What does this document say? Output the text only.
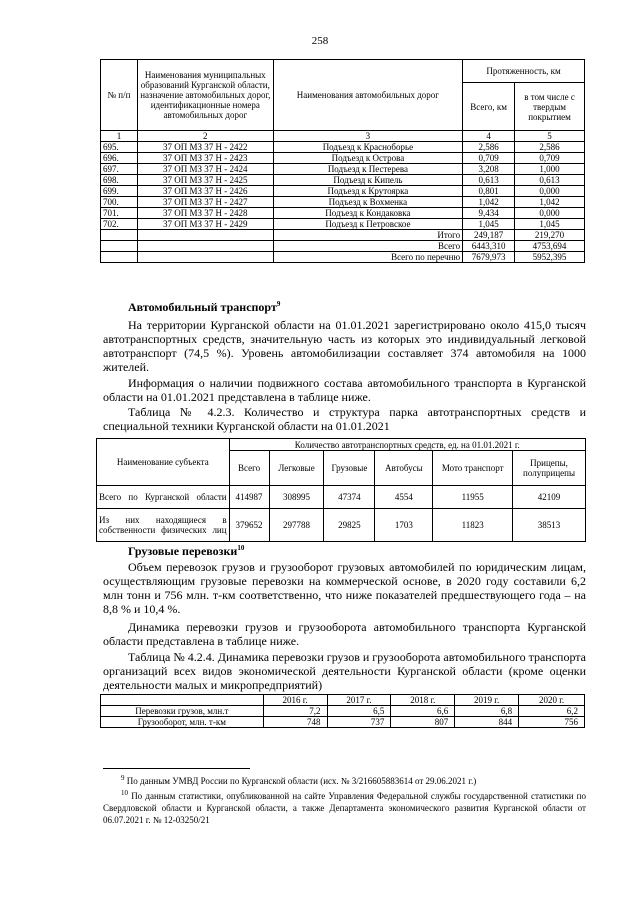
258
№ п/п	Наименования муниципальных образований Курганской области, назначение автомобильных дорог, идентификационные номера автомобильных дорог	Наименования автомобильных дорог	Протяженность, км	
			Всего, км	в том числе с твердым покрытием
1	2	3	4	5
695.	37 ОП МЗ 37 Н - 2422	Подъезд к Красноборье	2,586	2,586
696.	37 ОП МЗ 37 Н - 2423	Подъезд к Острова	0,709	0,709
697.	37 ОП МЗ 37 Н - 2424	Подъезд к Пестерева	3,208	1,000
698.	37 ОП МЗ 37 Н - 2425	Подъезд к Кипель	0,613	0,613
699.	37 ОП МЗ 37 Н - 2426	Подъезд к Крутоярка	0,801	0,000
700.	37 ОП МЗ 37 Н - 2427	Подъезд к Вохменка	1,042	1,042
701.	37 ОП МЗ 37 Н - 2428	Подъезд к Кондаковка	9,434	0,000
702.	37 ОП МЗ 37 Н - 2429	Подъезд к Петровское	1,045	1,045
		Итого	249,187	219,270
		Всего	6443,310	4753,694
		Всего по перечню	7679,973	5952,395
Автомобильный транспорт$^9$
На территории Курганской области на 01.01.2021 зарегистрировано около 415,0 тысяч автотранспортных средств, значительную часть из которых это индивидуальный легковой автотранспорт (74,5 %). Уровень автомобилизации составляет 374 автомобиля на 1000 жителей.
Информация о наличии подвижного состава автомобильного транспорта в Курганской области на 01.01.2021 представлена в таблице ниже.
Таблица № 4.2.3. Количество и структура парка автотранспортных средств и специальной техники Курганской области на 01.01.2021
Наименование субъекта	Количество автотранспортных средств, ед. на 01.01.2021 г.					
	Всего	Легковые	Грузовые	Автобусы	Мото транспорт	Прицепы, полуприцепы
Всего по Курганской области	414987	308995	47374	4554	11955	42109
Из них находящиеся в собственности физических лиц	379652	297788	29825	1703	11823	38513
Грузовые перевозки$^{10}$
Объем перевозок грузов и грузооборот грузовых автомобилей по юридическим лицам, осуществляющим грузовые перевозки на коммерческой основе, в 2020 году составили 6,2 млн тонн и 756 млн. т-км соответственно, что ниже показателей предшествующего года – на 8,8 % и 10,4 %.
Динамика перевозки грузов и грузооборота автомобильного транспорта Курганской области представлена в таблице ниже.
Таблица № 4.2.4. Динамика перевозки грузов и грузооборота автомобильного транспорта организаций всех видов экономической деятельности Курганской области (кроме оценки деятельности малых и микропредприятий)
	2016 г.	2017 г.	2018 г.	2019 г.	2020 г.
Перевозки грузов, млн.т	7,2	6,5	6,6	6,8	6,2
Грузооборот, млн. т-км	748	737	807	844	756
$^9$ По данным УМВД России по Курганской области (исх. № 3/216605883614 от 29.06.2021 г.)
$^{10}$ По данным статистики, опубликованной на сайте Управления Федеральной службы государственной статистики по Свердловской области и Курганской области, а также Департамента экономического развития Курганской области от 06.07.2021 г. № 12-03250/21
